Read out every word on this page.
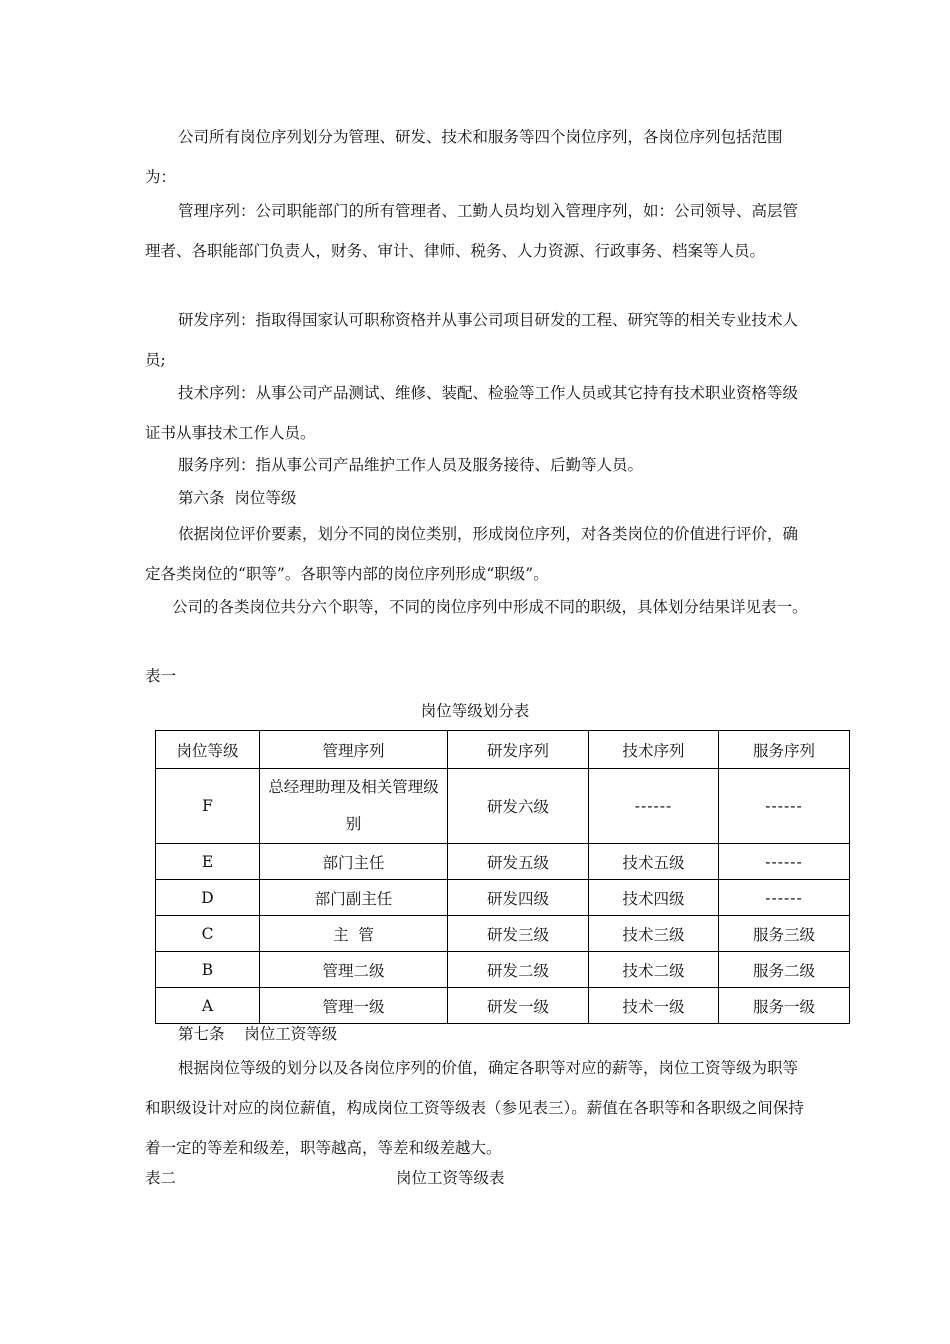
公司所有岗位序列划分为管理、研发、技术和服务等四个岗位序列，各岗位序列包括范围为：

管理序列：公司职能部门的所有管理者、工勤人员均划入管理序列，如：公司领导、高层管理者、各职能部门负责人，财务、审计、律师、税务、人力资源、行政事务、档案等人员。

研发序列：指取得国家认可职称资格并从事公司项目研发的工程、研究等的相关专业技术人员;

技术序列：从事公司产品测试、维修、装配、检验等工作人员或其它持有技术职业资格等级证书从事技术工作人员。

服务序列：指从事公司产品维护工作人员及服务接待、后勤等人员。

第六条  岗位等级

依据岗位评价要素，划分不同的岗位类别，形成岗位序列，对各类岗位的价值进行评价，确定各类岗位的“职等”。各职等内部的岗位序列形成“职级”。

公司的各类岗位共分六个职等，不同的岗位序列中形成不同的职级，具体划分结果详见表一。

表一

岗位等级划分表
岗位等级	管理序列	研发序列	技术序列	服务序列
F	总经理助理及相关管理级别	研发六级	------	------
E	部门主任	研发五级	技术五级	------
D	部门副主任	研发四级	技术四级	------
C	主  管	研发三级	技术三级	服务三级
B	管理二级	研发二级	技术二级	服务二级
A	管理一级	研发一级	技术一级	服务一级

第七条    岗位工资等级

根据岗位等级的划分以及各岗位序列的价值，确定各职等对应的薪等，岗位工资等级为职等和职级设计对应的岗位薪值，构成岗位工资等级表（参见表三）。薪值在各职等和各职级之间保持着一定的等差和级差，职等越高，等差和级差越大。

表二	岗位工资等级表
